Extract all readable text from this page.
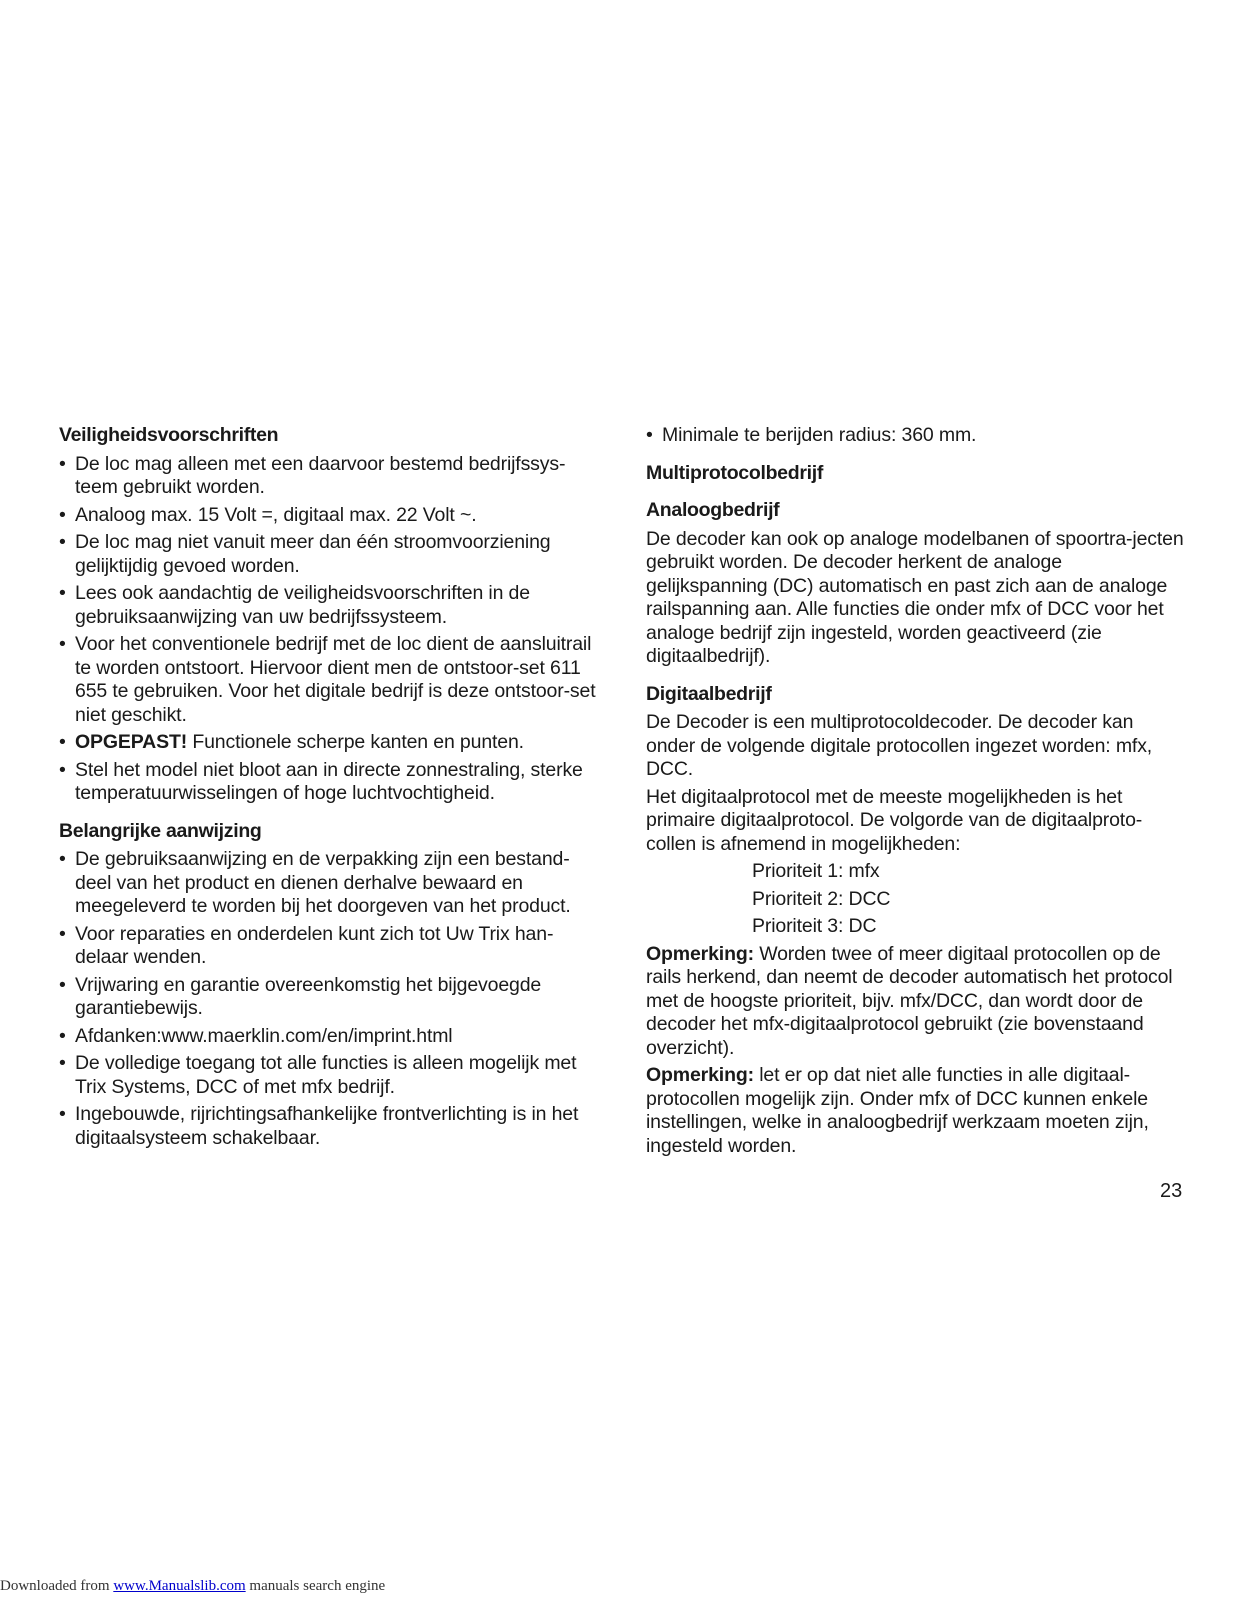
Veiligheidsvoorschriften
• De loc mag alleen met een daarvoor bestemd bedrijfssys-teem gebruikt worden.
• Analoog max. 15 Volt =, digitaal max. 22 Volt ~.
• De loc mag niet vanuit meer dan één stroomvoorziening gelijktijdig gevoed worden.
• Lees ook aandachtig de veiligheidsvoorschriften in de gebruiksaanwijzing van uw bedrijfssysteem.
• Voor het conventionele bedrijf met de loc dient de aansluitrail te worden ontstoort. Hiervoor dient men de ontstoor-set 611 655 te gebruiken. Voor het digitale bedrijf is deze ontstoor-set niet geschikt.
• OPGEPAST! Functionele scherpe kanten en punten.
• Stel het model niet bloot aan in directe zonnestraling, sterke temperatuurwisselingen of hoge luchtvochtigheid.
Belangrijke aanwijzing
• De gebruiksaanwijzing en de verpakking zijn een bestand-deel van het product en dienen derhalve bewaard en meegeleverd te worden bij het doorgeven van het product.
• Voor reparaties en onderdelen kunt zich tot Uw Trix han-delaar wenden.
• Vrijwaring en garantie overeenkomstig het bijgevoegde garantiebewijs.
• Afdanken:www.maerklin.com/en/imprint.html
• De volledige toegang tot alle functies is alleen mogelijk met Trix Systems, DCC of met mfx bedrijf.
• Ingebouwde, rijrichtingsafhankelijke frontverlichting is in het digitaalsysteem schakelbaar.
• Minimale te berijden radius: 360 mm.
Multiprotocolbedrijf
Analoogbedrijf

De decoder kan ook op analoge modelbanen of spoortra-jecten gebruikt worden. De decoder herkent de analoge gelijkspanning (DC) automatisch en past zich aan de analoge railspanning aan. Alle functies die onder mfx of DCC voor het analoge bedrijf zijn ingesteld, worden geactiveerd (zie digitaalbedrijf).

Digitaalbedrijf

De Decoder is een multiprotocoldecoder. De decoder kan onder de volgende digitale protocollen ingezet worden: mfx, DCC.

Het digitaalprotocol met de meeste mogelijkheden is het primaire digitaalprotocol. De volgorde van de digitaalproto-collen is afnemend in mogelijkheden:

Prioriteit 1: mfx
Prioriteit 2: DCC
Prioriteit 3: DC

Opmerking: Worden twee of meer digitaal protocollen op de rails herkend, dan neemt de decoder automatisch het protocol met de hoogste prioriteit, bijv. mfx/DCC, dan wordt door de decoder het mfx-digitaalprotocol gebruikt (zie bovenstaand overzicht).

Opmerking: let er op dat niet alle functies in alle digitaal-protocollen mogelijk zijn. Onder mfx of DCC kunnen enkele instellingen, welke in analoogbedrijf werkzaam moeten zijn, ingesteld worden.

23
Downloaded from www.Manualslib.com manuals search engine
